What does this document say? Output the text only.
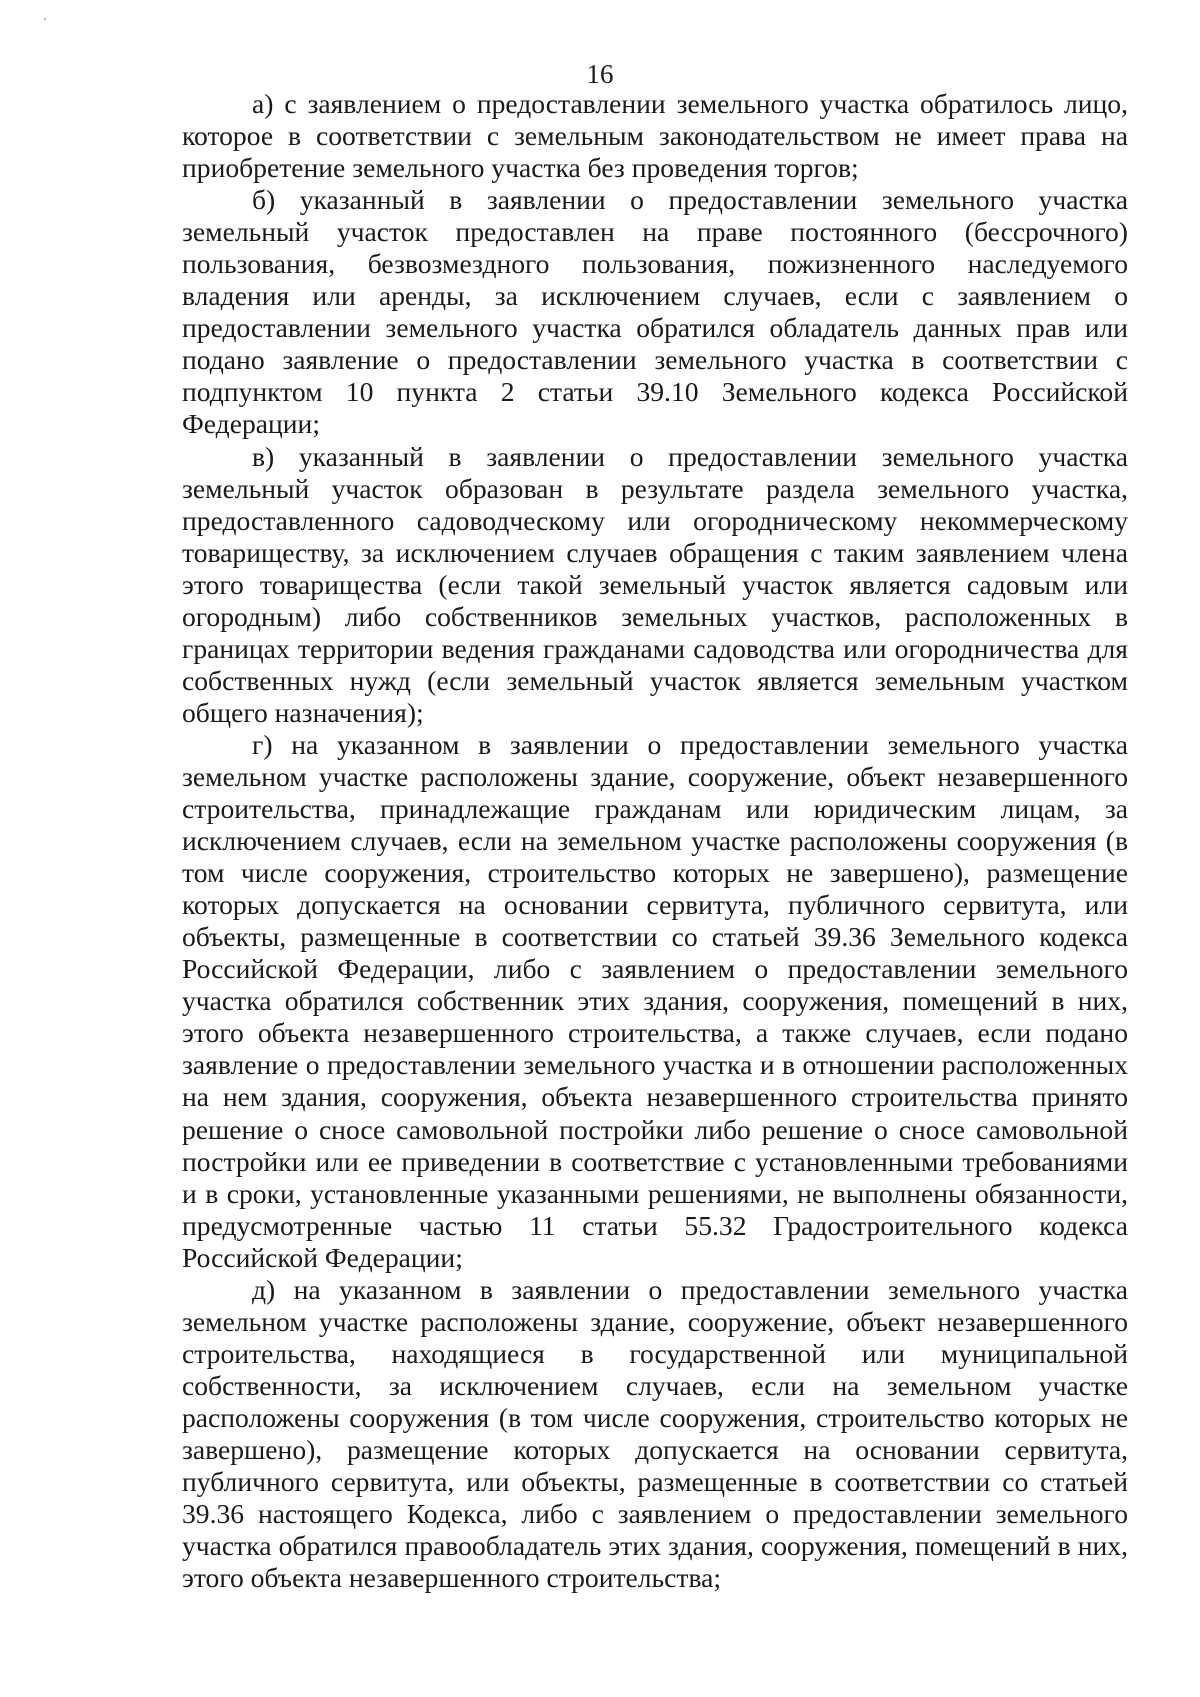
16

а) с заявлением о предоставлении земельного участка обратилось лицо, которое в соответствии с земельным законодательством не имеет права на приобретение земельного участка без проведения торгов;

б) указанный в заявлении о предоставлении земельного участка земельный участок предоставлен на праве постоянного (бессрочного) пользования, безвозмездного пользования, пожизненного наследуемого владения или аренды, за исключением случаев, если с заявлением о предоставлении земельного участка обратился обладатель данных прав или подано заявление о предоставлении земельного участка в соответствии с подпунктом 10 пункта 2 статьи 39.10 Земельного кодекса Российской Федерации;

в) указанный в заявлении о предоставлении земельного участка земельный участок образован в результате раздела земельного участка, предоставленного садоводческому или огородническому некоммерческому товариществу, за исключением случаев обращения с таким заявлением члена этого товарищества (если такой земельный участок является садовым или огородным) либо собственников земельных участков, расположенных в границах территории ведения гражданами садоводства или огородничества для собственных нужд (если земельный участок является земельным участком общего назначения);

г) на указанном в заявлении о предоставлении земельного участка земельном участке расположены здание, сооружение, объект незавершенного строительства, принадлежащие гражданам или юридическим лицам, за исключением случаев, если на земельном участке расположены сооружения (в том числе сооружения, строительство которых не завершено), размещение которых допускается на основании сервитута, публичного сервитута, или объекты, размещенные в соответствии со статьей 39.36 Земельного кодекса Российской Федерации, либо с заявлением о предоставлении земельного участка обратился собственник этих здания, сооружения, помещений в них, этого объекта незавершенного строительства, а также случаев, если подано заявление о предоставлении земельного участка и в отношении расположенных на нем здания, сооружения, объекта незавершенного строительства принято решение о сносе самовольной постройки либо решение о сносе самовольной постройки или ее приведении в соответствие с установленными требованиями и в сроки, установленные указанными решениями, не выполнены обязанности, предусмотренные частью 11 статьи 55.32 Градостроительного кодекса Российской Федерации;

д) на указанном в заявлении о предоставлении земельного участка земельном участке расположены здание, сооружение, объект незавершенного строительства, находящиеся в государственной или муниципальной собственности, за исключением случаев, если на земельном участке расположены сооружения (в том числе сооружения, строительство которых не завершено), размещение которых допускается на основании сервитута, публичного сервитута, или объекты, размещенные в соответствии со статьей 39.36 настоящего Кодекса, либо с заявлением о предоставлении земельного участка обратился правообладатель этих здания, сооружения, помещений в них, этого объекта незавершенного строительства;
